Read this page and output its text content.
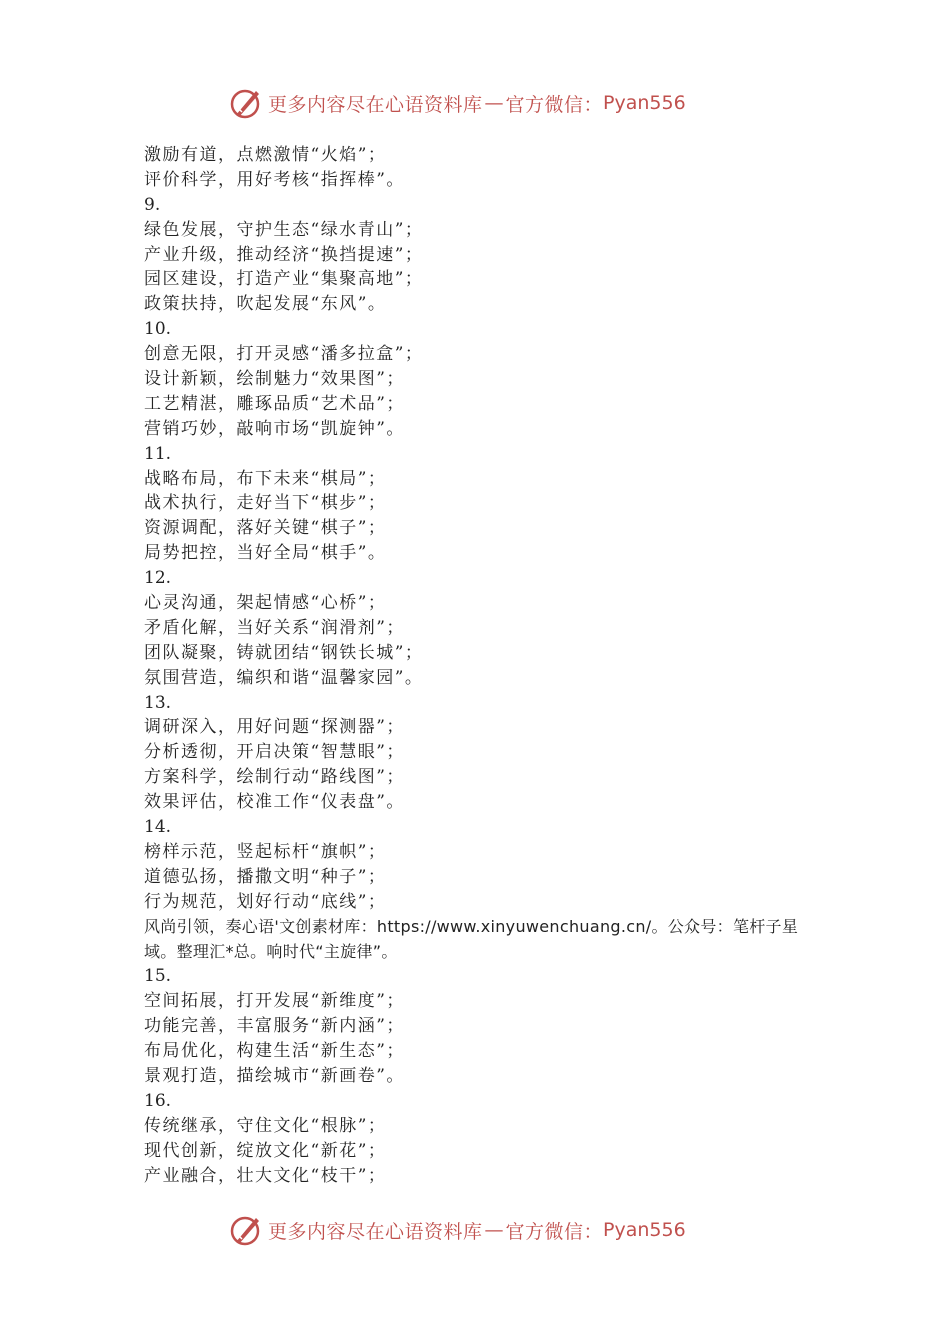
更多内容尽在心语资料库 — 官方微信： Pyan556
激励有道，点燃激情“火焰”；
评价科学，用好考核“指挥棒”。
9.
绿色发展，守护生态“绿水青山”；
产业升级，推动经济“换挡提速”；
园区建设，打造产业“集聚高地”；
政策扶持，吹起发展“东风”。
10.
创意无限，打开灵感“潘多拉盒”；
设计新颖，绘制魅力“效果图”；
工艺精湛，雕琢品质“艺术品”；
营销巧妙，敲响市场“凯旋钟”。
11.
战略布局，布下未来“棋局”；
战术执行，走好当下“棋步”；
资源调配，落好关键“棋子”；
局势把控，当好全局“棋手”。
12.
心灵沟通，架起情感“心桥”；
矛盾化解，当好关系“润滑剂”；
团队凝聚，铸就团结“钢铁长城”；
氛围营造，编织和谐“温馨家园”。
13.
调研深入，用好问题“探测器”；
分析透彻，开启决策“智慧眼”；
方案科学，绘制行动“路线图”；
效果评估，校准工作“仪表盘”。
14.
榜样示范，竖起标杆“旗帜”；
道德弘扬，播撒文明“种子”；
行为规范，划好行动“底线”；
风尚引领，奏心语'文创素材库：https://www.xinyuwenchuang.cn/。公众号：笔杆子星域。整理汇*总。响时代“主旋律”。
15.
空间拓展，打开发展“新维度”；
功能完善，丰富服务“新内涵”；
布局优化，构建生活“新生态”；
景观打造，描绘城市“新画卷”。
16.
传统继承，守住文化“根脉”；
现代创新，绽放文化“新花”；
产业融合，壮大文化“枝干”；
更多内容尽在心语资料库 — 官方微信： Pyan556
